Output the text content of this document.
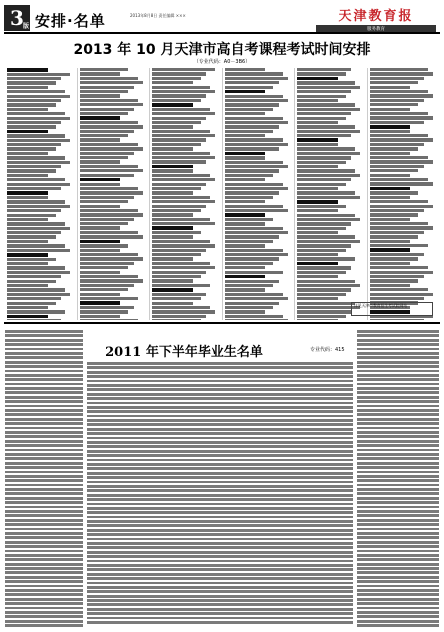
3 版 安排·名单	2013年8月8日 责任编辑 ×××	天津教育报
服务教育
2013 年 10 月天津市高自考课程考试时间安排
（专业代码：A0－3B6）
详见天津市教育招生考试院网站
2011 年下半年毕业生名单	专业代码：415
